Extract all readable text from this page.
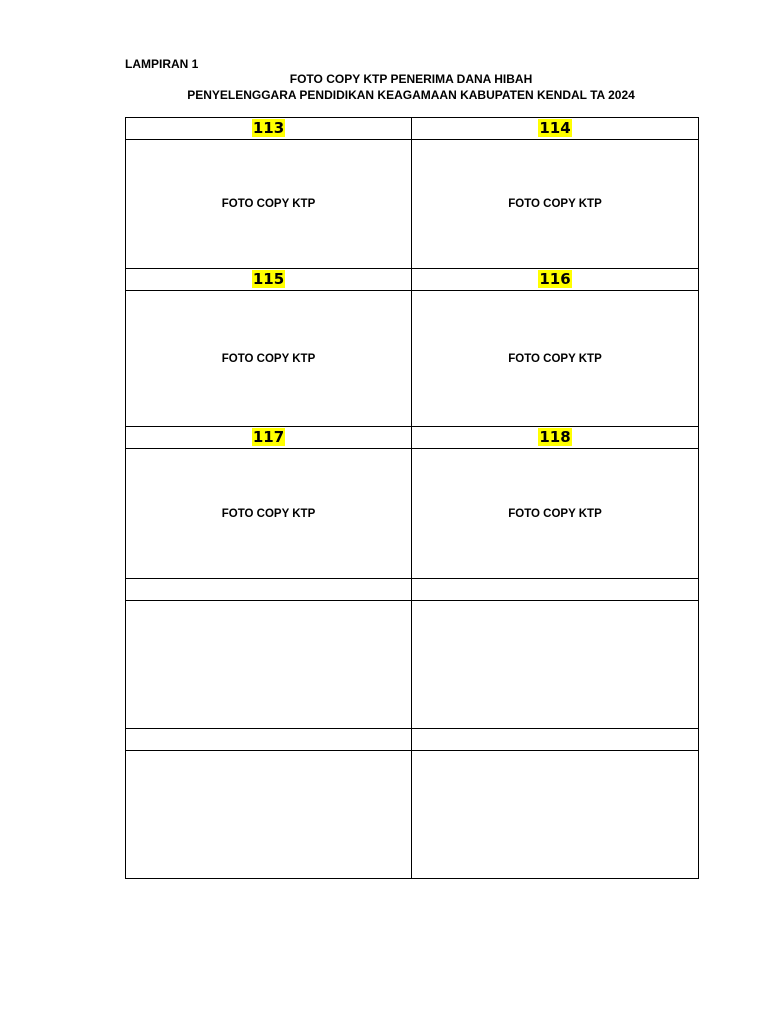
LAMPIRAN 1
FOTO COPY KTP PENERIMA DANA HIBAH
PENYELENGGARA PENDIDIKAN KEAGAMAAN KABUPATEN KENDAL TA 2024
113	114
FOTO COPY KTP	FOTO COPY KTP
115	116
FOTO COPY KTP	FOTO COPY KTP
117	118
FOTO COPY KTP	FOTO COPY KTP
